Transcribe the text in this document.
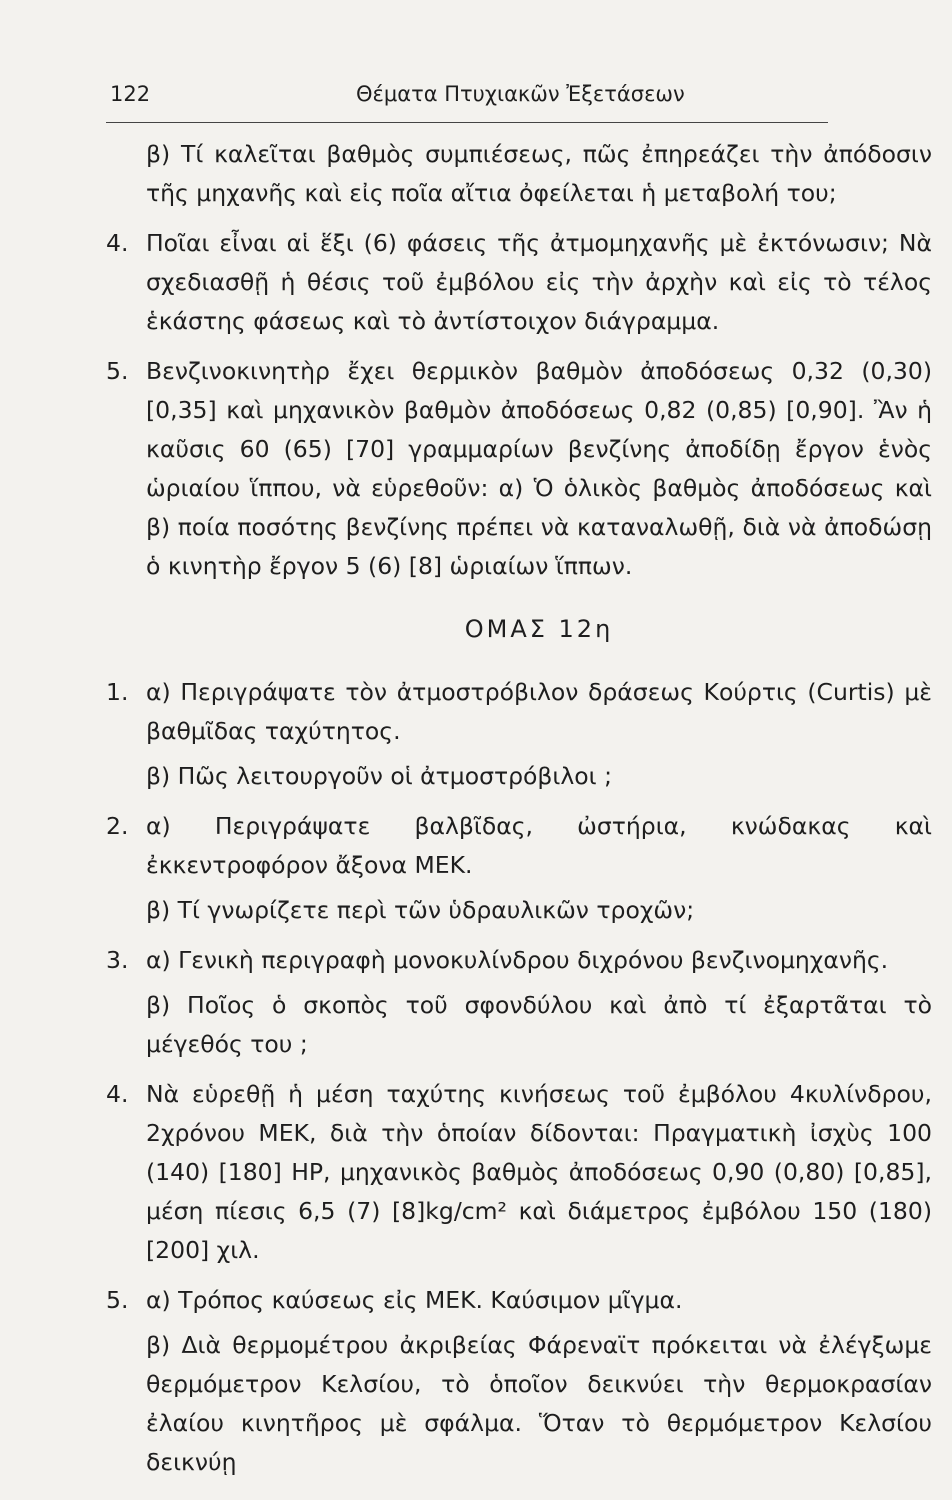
122	Θέματα Πτυχιακῶν Ἐξετάσεων
β) Τί καλεῖται βαθμὸς συμπιέσεως, πῶς ἐπηρεάζει τὴν ἀπόδοσιν τῆς μηχανῆς καὶ εἰς ποῖα αἴτια ὀφείλεται ἡ μεταβολή του;
4. Ποῖαι εἶναι αἱ ἕξι (6) φάσεις τῆς ἀτμομηχανῆς μὲ ἐκτόνωσιν; Νὰ σχεδιασθῇ ἡ θέσις τοῦ ἐμβόλου εἰς τὴν ἀρχὴν καὶ εἰς τὸ τέλος ἑκάστης φάσεως καὶ τὸ ἀντίστοιχον διάγραμμα.

5. Βενζινοκινητὴρ ἔχει θερμικὸν βαθμὸν ἀποδόσεως 0,32 (0,30) [0,35] καὶ μηχανικὸν βαθμὸν ἀποδόσεως 0,82 (0,85) [0,90]. Ἂν ἡ καῦσις 60 (65) [70] γραμμαρίων βενζίνης ἀποδίδῃ ἔργον ἑνὸς ὡριαίου ἵππου, νὰ εὑρεθοῦν: α) Ὁ ὁλικὸς βαθμὸς ἀποδόσεως καὶ β) ποία ποσότης βενζίνης πρέπει νὰ καταναλωθῇ, διὰ νὰ ἀποδώσῃ ὁ κινητὴρ ἔργον 5 (6) [8] ὡριαίων ἵππων.

ΟΜΑΣ 12η
1. α) Περιγράψατε τὸν ἀτμοστρόβιλον δράσεως Κούρτις (Curtis) μὲ βαθμῖδας ταχύτητος.

β) Πῶς λειτουργοῦν οἱ ἀτμοστρόβιλοι ;

2. α) Περιγράψατε βαλβῖδας, ὠστήρια, κνώδακας καὶ ἐκκεντροφόρον ἄξονα ΜΕΚ.

β) Τί γνωρίζετε περὶ τῶν ὑδραυλικῶν τροχῶν;

3. α) Γενικὴ περιγραφὴ μονοκυλίνδρου διχρόνου βενζινομηχανῆς.

β) Ποῖος ὁ σκοπὸς τοῦ σφονδύλου καὶ ἀπὸ τί ἐξαρτᾶται τὸ μέγεθός του ;

4. Νὰ εὑρεθῇ ἡ μέση ταχύτης κινήσεως τοῦ ἐμβόλου 4κυλίνδρου, 2χρόνου ΜΕΚ, διὰ τὴν ὁποίαν δίδονται: Πραγματικὴ ἰσχὺς 100 (140) [180] HP, μηχανικὸς βαθμὸς ἀποδόσεως 0,90 (0,80) [0,85], μέση πίεσις 6,5 (7) [8]kg/cm² καὶ διάμετρος ἐμβόλου 150 (180) [200] χιλ.

5. α) Τρόπος καύσεως εἰς ΜΕΚ. Καύσιμον μῖγμα.

β) Διὰ θερμομέτρου ἀκριβείας Φάρεναϊτ πρόκειται νὰ ἐλέγξωμε θερμόμετρον Κελσίου, τὸ ὁποῖον δεικνύει τὴν θερμοκρασίαν ἐλαίου κινητῆρος μὲ σφάλμα. Ὅταν τὸ θερμόμετρον Κελσίου δεικνύῃ
